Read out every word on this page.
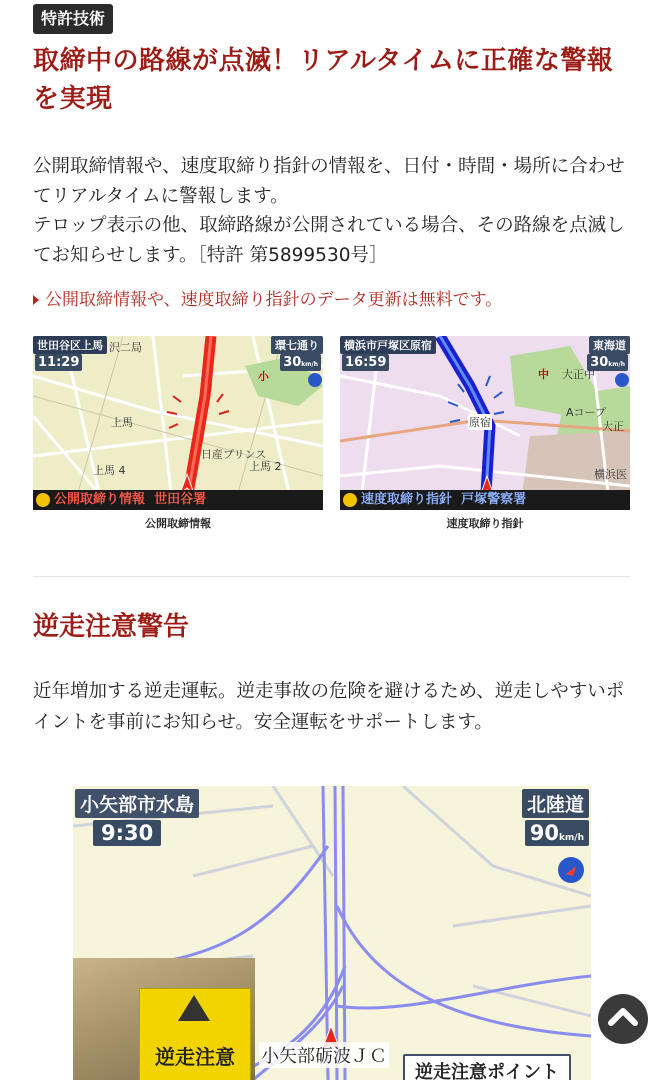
特許技術
取締中の路線が点滅！リアルタイムに正確な警報を実現
公開取締情報や、速度取締り指針の情報を、日付・時間・場所に合わせてリアルタイムに警報します。
テロップ表示の他、取締路線が公開されている場合、その路線を点滅してお知らせします。［特許 第5899530号］
公開取締情報や、速度取締り指針のデータ更新は無料です。
世田谷区上馬
11:29
環七通り
30km/h
沢二局
上馬
日産プリンス
上馬 4	上馬 2
小
公開取締り情報 世田谷署
公開取締情報
横浜市戸塚区原宿
16:59
東海道
30km/h
中 大正中
原宿
Aコープ
大正
横浜医
速度取締り指針 戸塚警察署
速度取締り指針
逆走注意警告
近年増加する逆走運転。逆走事故の危険を避けるため、逆走しやすいポイントを事前にお知らせ。安全運転をサポートします。
小矢部市水島
9:30
北陸道
90km/h
逆走注意	小矢部砺波ＪＣ
逆走注意ポイント
